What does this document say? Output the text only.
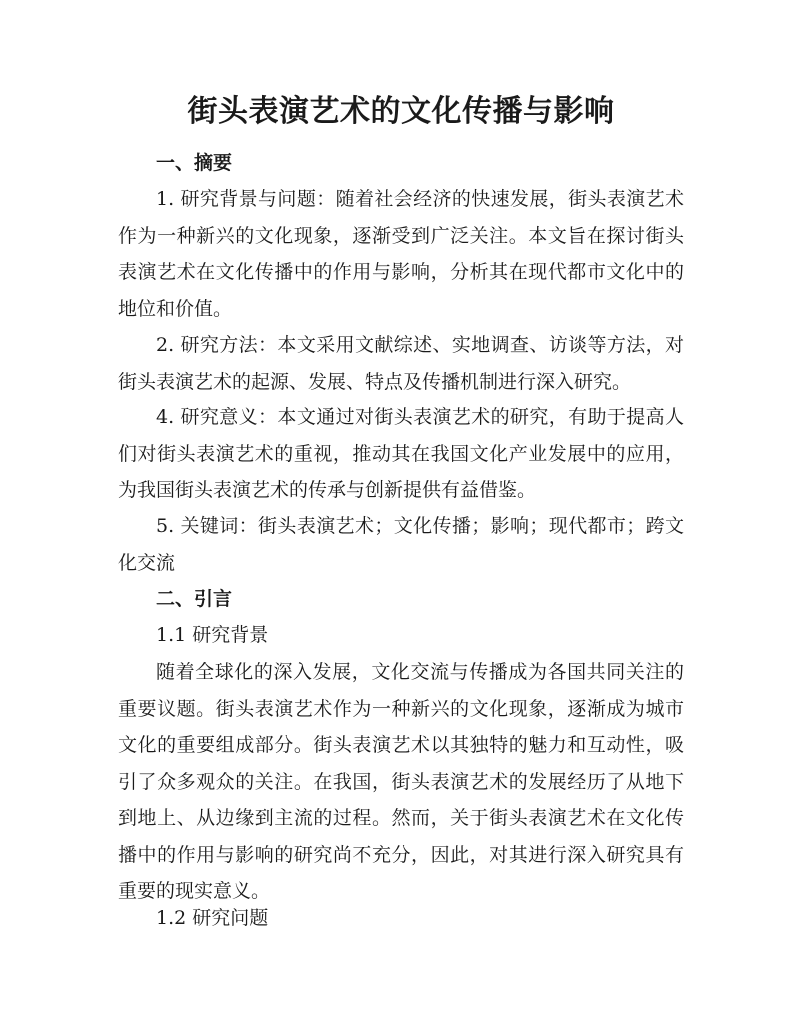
街头表演艺术的文化传播与影响

一、摘要

1. 研究背景与问题：随着社会经济的快速发展，街头表演艺术作为一种新兴的文化现象，逐渐受到广泛关注。本文旨在探讨街头表演艺术在文化传播中的作用与影响，分析其在现代都市文化中的地位和价值。

2. 研究方法：本文采用文献综述、实地调查、访谈等方法，对街头表演艺术的起源、发展、特点及传播机制进行深入研究。

4. 研究意义：本文通过对街头表演艺术的研究，有助于提高人们对街头表演艺术的重视，推动其在我国文化产业发展中的应用，为我国街头表演艺术的传承与创新提供有益借鉴。

5. 关键词：街头表演艺术；文化传播；影响；现代都市；跨文化交流

二、引言

1.1 研究背景

随着全球化的深入发展，文化交流与传播成为各国共同关注的重要议题。街头表演艺术作为一种新兴的文化现象，逐渐成为城市文化的重要组成部分。街头表演艺术以其独特的魅力和互动性，吸引了众多观众的关注。在我国，街头表演艺术的发展经历了从地下到地上、从边缘到主流的过程。然而，关于街头表演艺术在文化传播中的作用与影响的研究尚不充分，因此，对其进行深入研究具有重要的现实意义。

1.2 研究问题
